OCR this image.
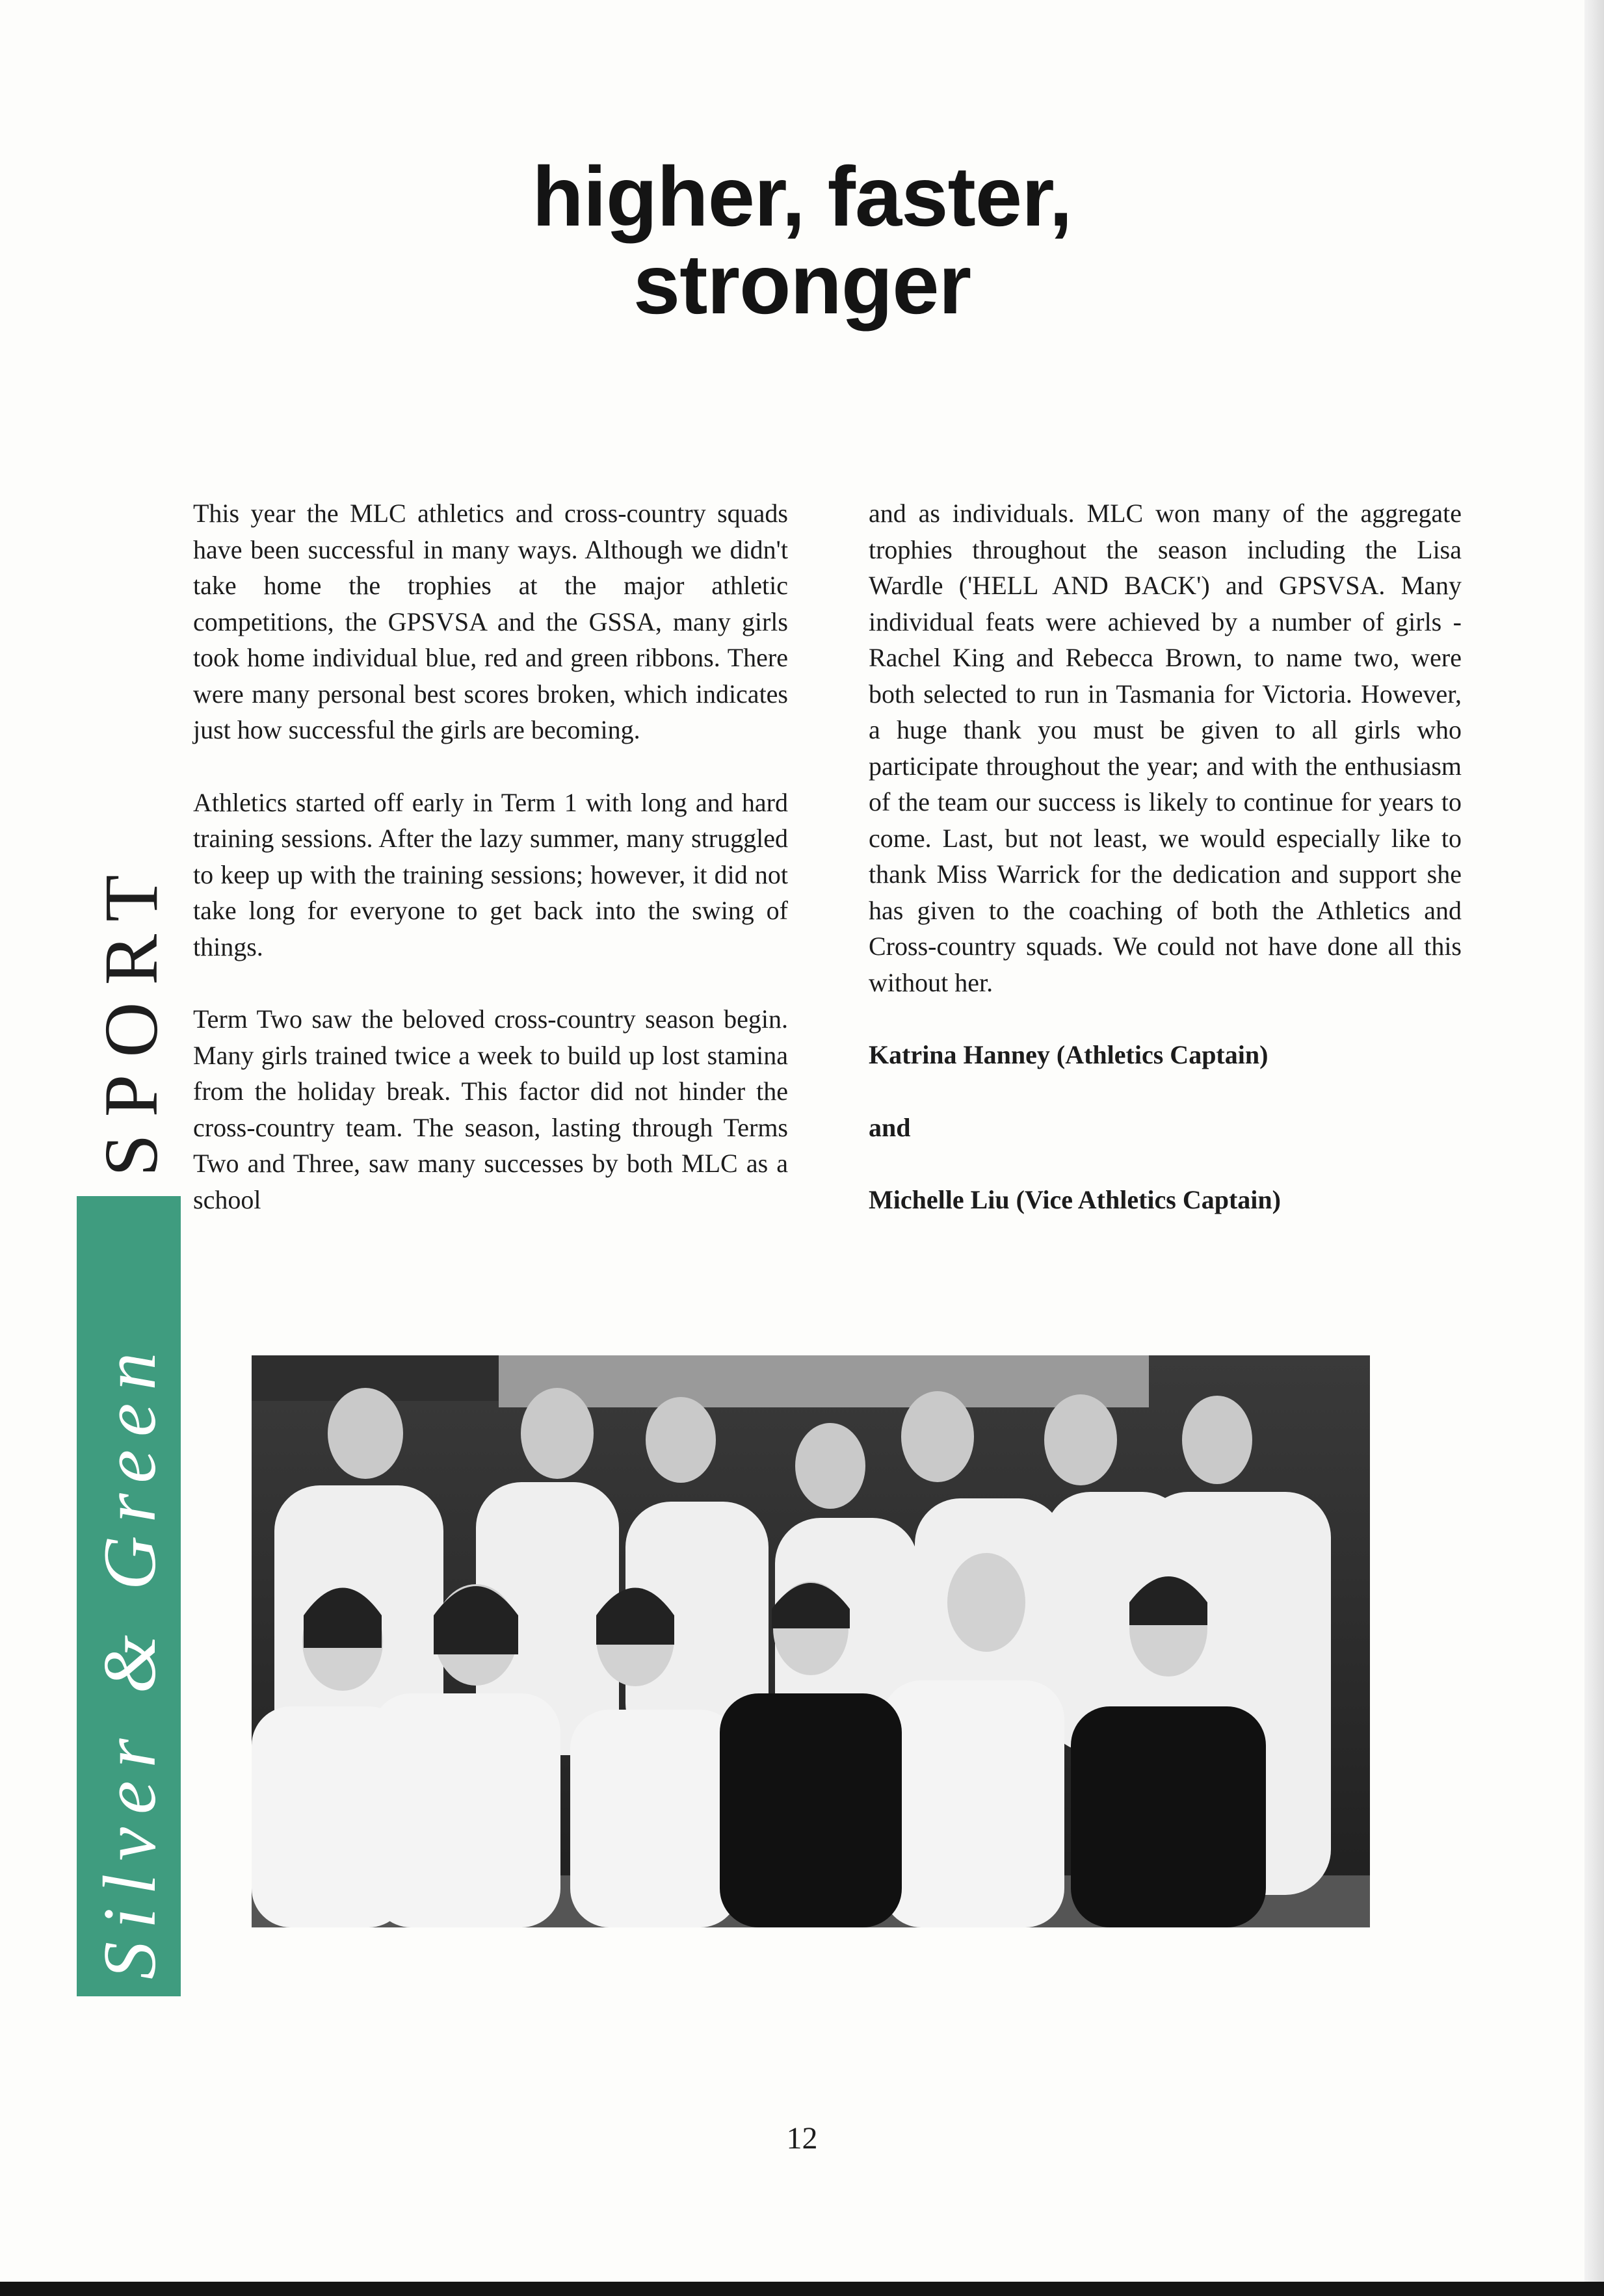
higher, faster,
stronger
SPORT
Silver & Green

This year the MLC athletics and cross-country squads have been successful in many ways. Although we didn't take home the trophies at the major athletic competitions, the GPSVSA and the GSSA, many girls took home individual blue, red and green ribbons. There were many personal best scores broken, which indicates just how successful the girls are becoming.

Athletics started off early in Term 1 with long and hard training sessions. After the lazy summer, many struggled to keep up with the training sessions; however, it did not take long for everyone to get back into the swing of things.

Term Two saw the beloved cross-country season begin. Many girls trained twice a week to build up lost stamina from the holiday break. This factor did not hinder the cross-country team. The season, lasting through Terms Two and Three, saw many successes by both MLC as a school

and as individuals. MLC won many of the aggregate trophies throughout the season including the Lisa Wardle ('HELL AND BACK') and GPSVSA. Many individual feats were achieved by a number of girls - Rachel King and Rebecca Brown, to name two, were both selected to run in Tasmania for Victoria. However, a huge thank you must be given to all girls who participate throughout the year; and with the enthusiasm of the team our success is likely to continue for years to come. Last, but not least, we would especially like to thank Miss Warrick for the dedication and support she has given to the coaching of both the Athletics and Cross-country squads. We could not have done all this without her.

Katrina Hanney (Athletics Captain)

and

Michelle Liu (Vice Athletics Captain)

12
